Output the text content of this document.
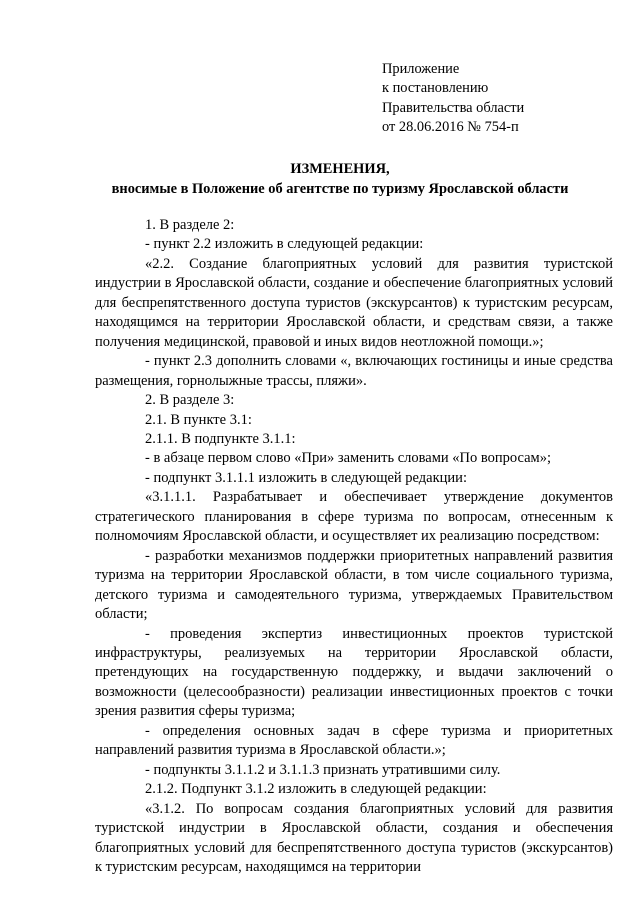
Приложение
к постановлению
Правительства области
от 28.06.2016 № 754-п
ИЗМЕНЕНИЯ,
вносимые в Положение об агентстве по туризму Ярославской области

1. В разделе 2:

- пункт 2.2 изложить в следующей редакции:

«2.2. Создание благоприятных условий для развития туристской индустрии в Ярославской области, создание и обеспечение благоприятных условий для беспрепятственного доступа туристов (экскурсантов) к туристским ресурсам, находящимся на территории Ярославской области, и средствам связи, а также получения медицинской, правовой и иных видов неотложной помощи.»;

- пункт 2.3 дополнить словами «, включающих гостиницы и иные средства размещения, горнолыжные трассы, пляжи».

2. В разделе 3:

2.1. В пункте 3.1:

2.1.1. В подпункте 3.1.1:

- в абзаце первом слово «При» заменить словами «По вопросам»;

- подпункт 3.1.1.1 изложить в следующей редакции:

«3.1.1.1. Разрабатывает и обеспечивает утверждение документов стратегического планирования в сфере туризма по вопросам, отнесенным к полномочиям Ярославской области, и осуществляет их реализацию посредством:

- разработки механизмов поддержки приоритетных направлений развития туризма на территории Ярославской области, в том числе социального туризма, детского туризма и самодеятельного туризма, утверждаемых Правительством области;

- проведения экспертиз инвестиционных проектов туристской инфраструктуры, реализуемых на территории Ярославской области, претендующих на государственную поддержку, и выдачи заключений о возможности (целесообразности) реализации инвестиционных проектов с точки зрения развития сферы туризма;

- определения основных задач в сфере туризма и приоритетных направлений развития туризма в Ярославской области.»;

- подпункты 3.1.1.2 и 3.1.1.3 признать утратившими силу.

2.1.2. Подпункт 3.1.2 изложить в следующей редакции:

«3.1.2. По вопросам создания благоприятных условий для развития туристской индустрии в Ярославской области, создания и обеспечения благоприятных условий для беспрепятственного доступа туристов (экскурсантов) к туристским ресурсам, находящимся на территории
